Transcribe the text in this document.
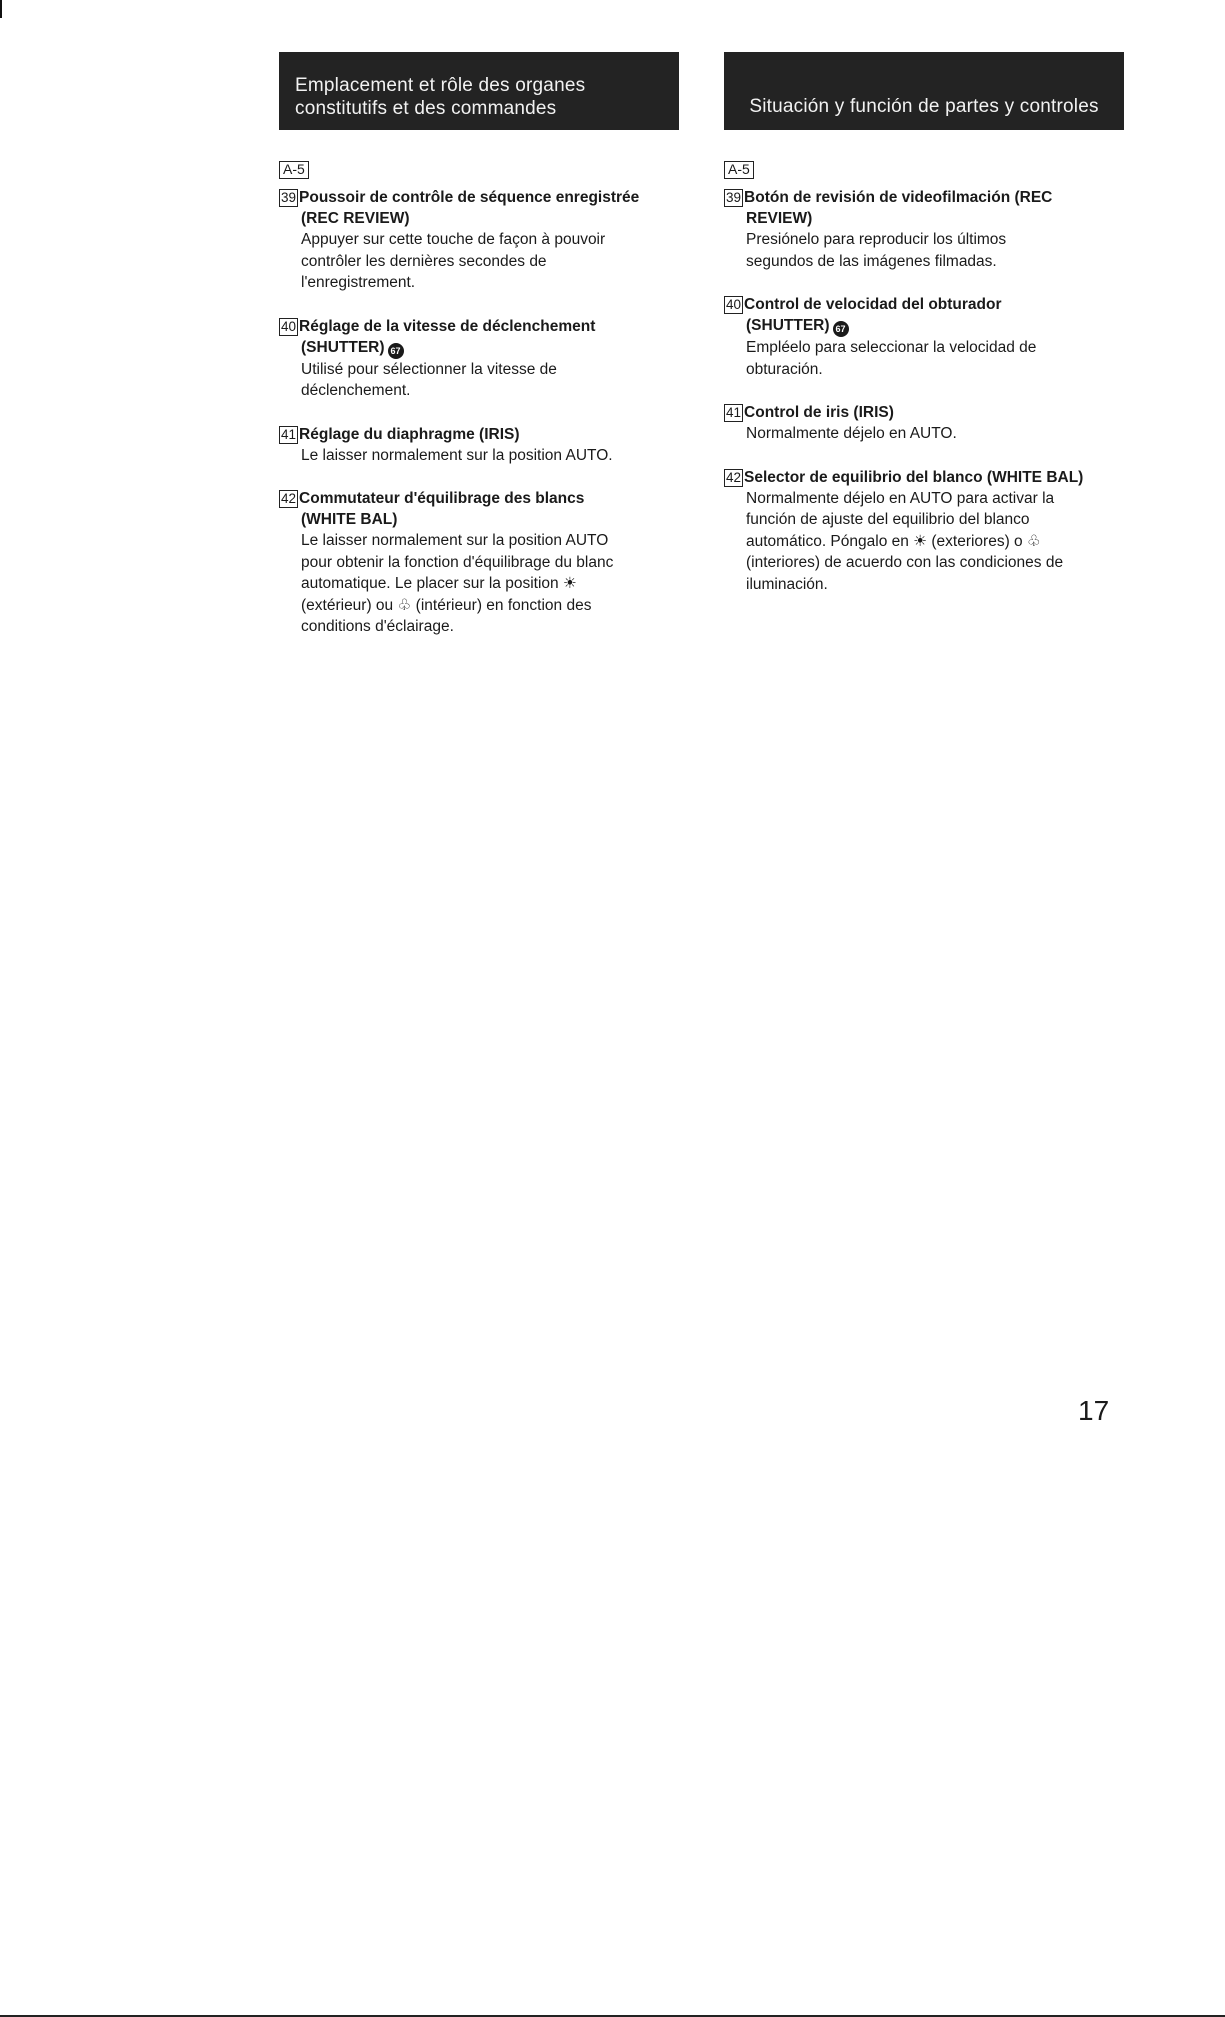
Emplacement et rôle des organes
constitutifs et des commandes
A-5
39 Poussoir de contrôle de séquence enregistrée
(REC REVIEW)
Appuyer sur cette touche de façon à pouvoir
contrôler les dernières secondes de
l'enregistrement.
40 Réglage de la vitesse de déclenchement
(SHUTTER) 67
Utilisé pour sélectionner la vitesse de
déclenchement.
41 Réglage du diaphragme (IRIS)
Le laisser normalement sur la position AUTO.
42 Commutateur d'équilibrage des blancs
(WHITE BAL)
Le laisser normalement sur la position AUTO
pour obtenir la fonction d'équilibrage du blanc
automatique. Le placer sur la position ☀
(extérieur) ou ♧ (intérieur) en fonction des
conditions d'éclairage.
Situación y función de partes y controles
A-5
39 Botón de revisión de videofilmación (REC
REVIEW)
Presiónelo para reproducir los últimos
segundos de las imágenes filmadas.
40 Control de velocidad del obturador
(SHUTTER) 67
Empléelo para seleccionar la velocidad de
obturación.
41 Control de iris (IRIS)
Normalmente déjelo en AUTO.
42 Selector de equilibrio del blanco (WHITE BAL)
Normalmente déjelo en AUTO para activar la
función de ajuste del equilibrio del blanco
automático. Póngalo en ☀ (exteriores) o ♧
(interiores) de acuerdo con las condiciones de
iluminación.
17
